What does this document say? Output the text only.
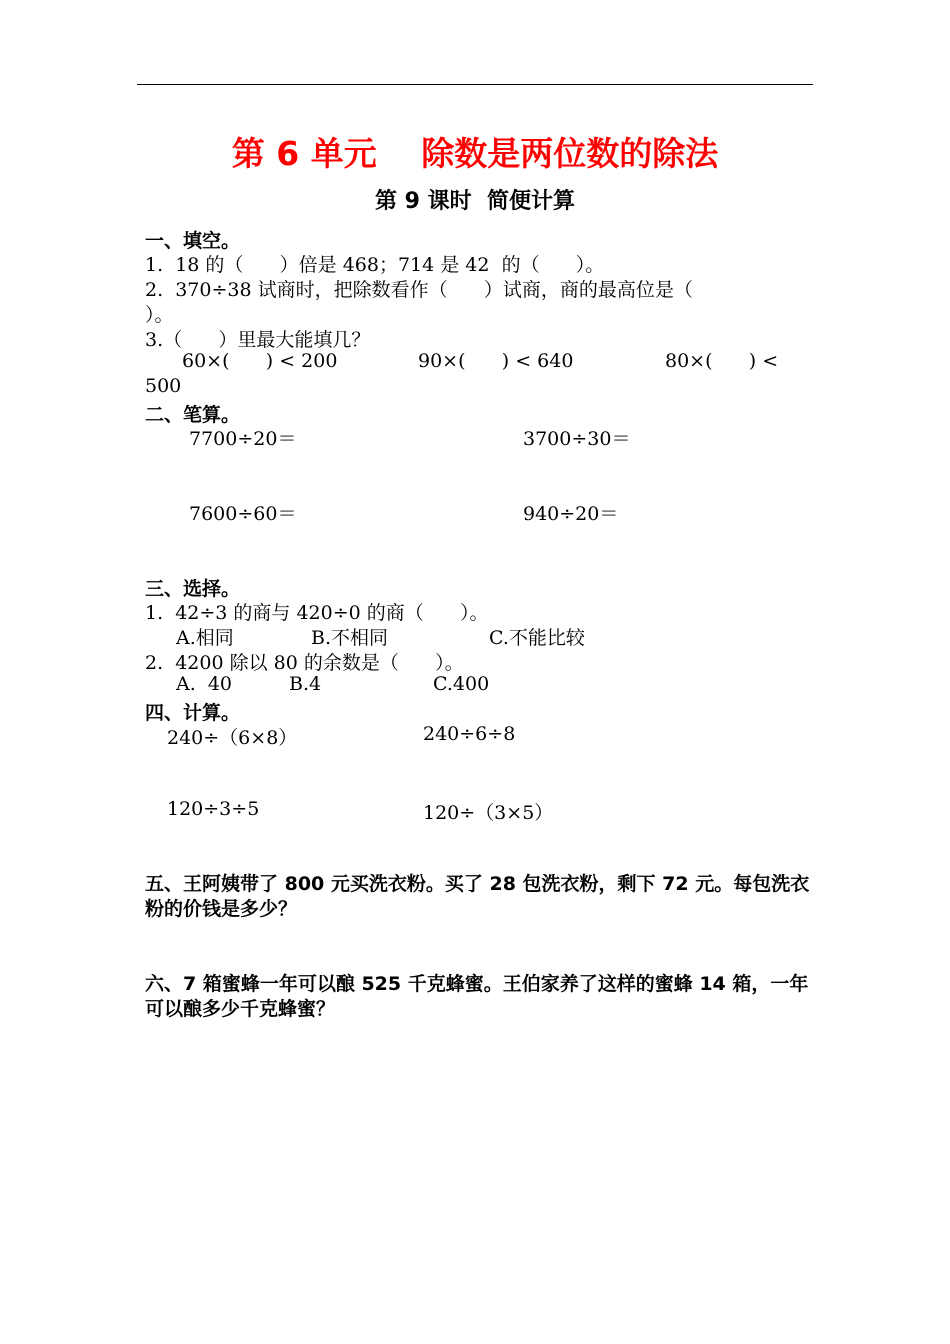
第 6 单元　 除数是两位数的除法
第 9 课时  简便计算
一、填空。
1.  18 的（      ）倍是 468；714 是 42  的（      ）。
2.  370÷38 试商时，把除数看作（      ）试商，商的最高位是（
）。
3.（      ）里最大能填几？
60×(      ) < 200	90×(      ) < 640	80×(      ) <
500
二、笔算。
7700÷20＝	3700÷30＝
7600÷60＝	940÷20＝
三、选择。
1.  42÷3 的商与 420÷0 的商（      ）。
A.相同	B.不相同	C.不能比较
2.  4200 除以 80 的余数是（      ）。
A.  40	B.4	C.400
四、计算。
240÷（6×8）	240÷6÷8
120÷3÷5	120÷（3×5）
五、王阿姨带了 800 元买洗衣粉。买了 28 包洗衣粉，剩下 72 元。每包洗衣粉的价钱是多少？
六、7 箱蜜蜂一年可以酿 525 千克蜂蜜。王伯家养了这样的蜜蜂 14 箱，一年可以酿多少千克蜂蜜？
